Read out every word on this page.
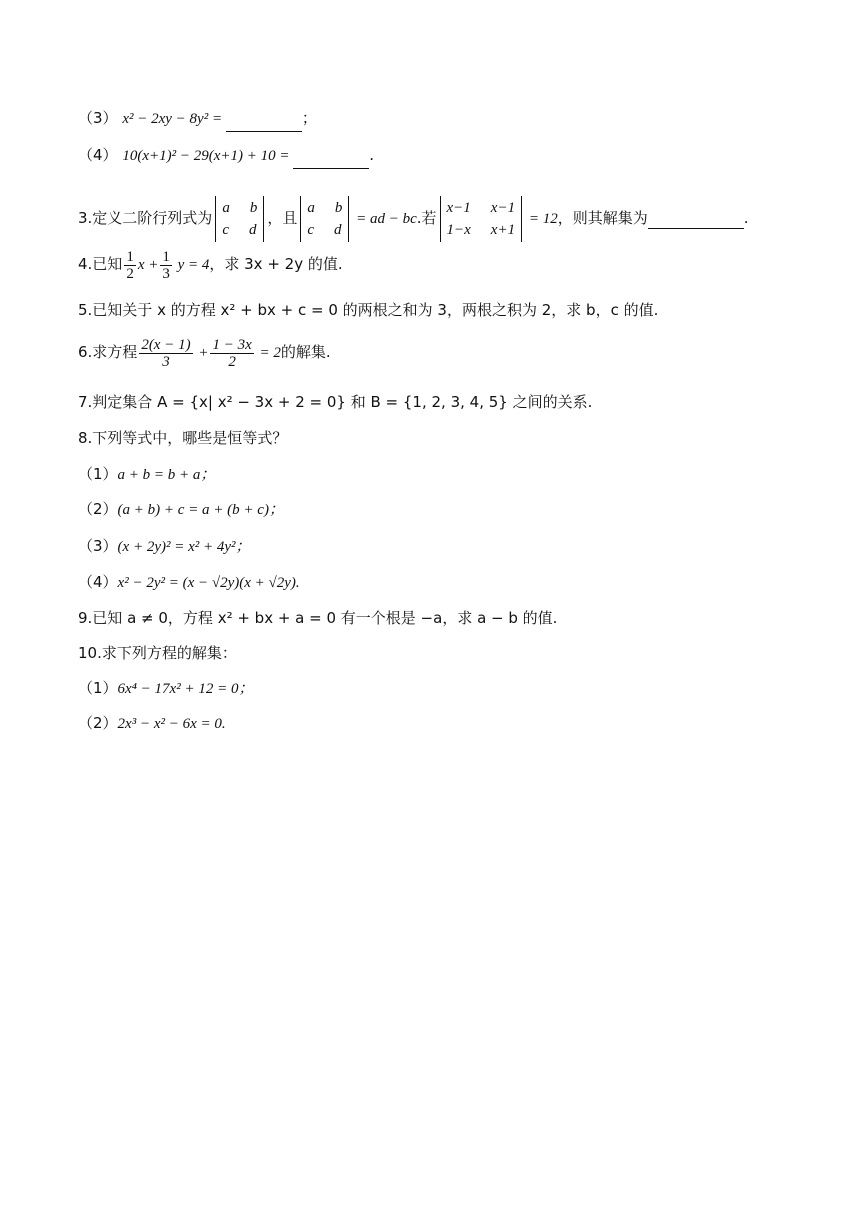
（3） x² − 2xy − 8y² =	；
（4） 10(x+1)² − 29(x+1) + 10 =	.
3.定义二阶行列式为
a b
c d
，且
a b
c d
= ad − bc.若
x−1 x−1
1−x x+1
= 12，则其解集为	.
4.已知 $\frac{1}{2}$ $x + \frac{1}{3}$ y = 4，求 3x + 2y 的值.
5.已知关于 x 的方程 x² + bx + c = 0 的两根之和为 3，两根之积为 2，求 b，c 的值.
6.求方程 $\frac{2(x - 1)}{3} + \frac{1 - 3x}{2} = 2$的解集.
7.判定集合 A = {x| x² − 3x + 2 = 0} 和 B = {1, 2, 3, 4, 5} 之间的关系.
8.下列等式中，哪些是恒等式？
（1）a + b = b + a；
（2）(a + b) + c = a + (b + c)；
（3）(x + 2y)² = x² + 4y²；
（4）x² − 2y² = (x − √2y)(x + √2y).
9.已知 a ≠ 0，方程 x² + bx + a = 0 有一个根是 −a，求 a − b 的值.
10.求下列方程的解集：
（1）6x⁴ − 17x² + 12 = 0；
（2）2x³ − x² − 6x = 0.
